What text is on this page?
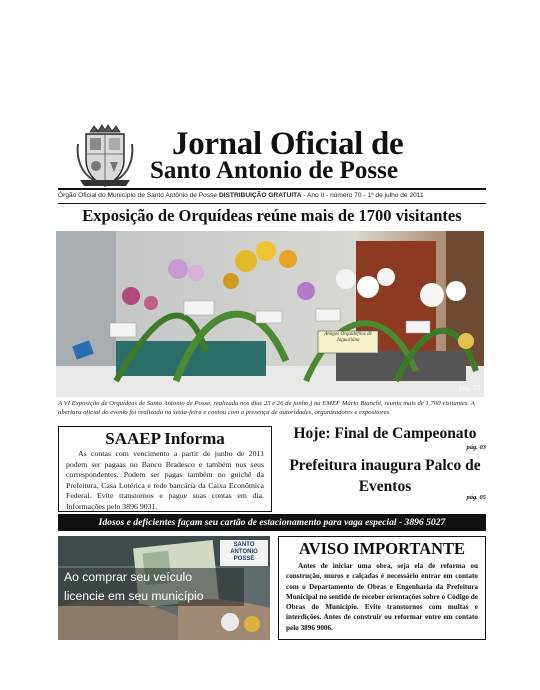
Jornal Oficial de
Santo Antonio de Posse
Órgão Oficial do Município de Santo Antônio de Posse DISTRIBUIÇÃO GRATUITA - Ano II - número 70 - 1º de julho de 2011
Exposição de Orquídeas reúne mais de 1700 visitantes
Amigos Orquidófilos de Jaguariúna
pág. 03
A VI Exposição de Orquídeas de Santo Antonio de Posse, realizada nos dias 25 e 26 de junho,) na EMEF Mário Bianchi, reuniu mais de 1.700 visitantes. A abertura oficial do evento foi realizada na sexta-feira e contou com a presença de autoridades, organizadores e expositores.
SAAEP Informa
As contas com vencimento a partir de junho de 2011 podem ser pagaas no Banco Bradesco e também nos seus correspondentes. Podem ser pagas também no guichê da Prefeitura, Casa Lotérica e rede bancária da Caixa Econômica Federal. Evite transtornos e pague suas contas em dia. Informações pelo 3896 9031.
Hoje: Final de Campeonato
pág. 03
Prefeitura inaugura Palco de Eventos
pág. 05
Idosos e deficientes façam seu cartão de estacionamento para vaga especial - 3896 5027
SANTO ANTONIO POSSE
Ao comprar seu veículo
licencie em seu município
AVISO IMPORTANTE
Antes de iniciar uma obra, seja ela de reforma ou construção, muros e calçadas é necessário entrar em contato com o Departamento de Obras e Engenharia da Prefeitura Municipal no sentido de receber orientações sobre o Código de Obras do Município. Evite transtornos com multas e interdições. Antes de construir ou reformar entre em contato pelo 3896 9006.
